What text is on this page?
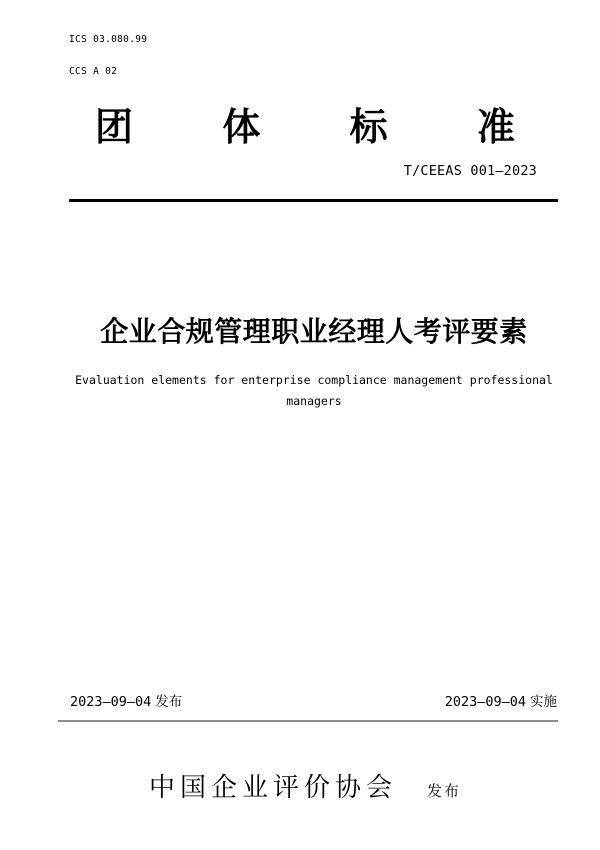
ICS 03.080.99

CCS A 02

团 体 标 准
T/CEEAS 001—2023
企业合规管理职业经理人考评要素
Evaluation elements for enterprise compliance management professional
managers
2023—09—04 发布	2023—09—04 实施
中国企业评价协会 发布
